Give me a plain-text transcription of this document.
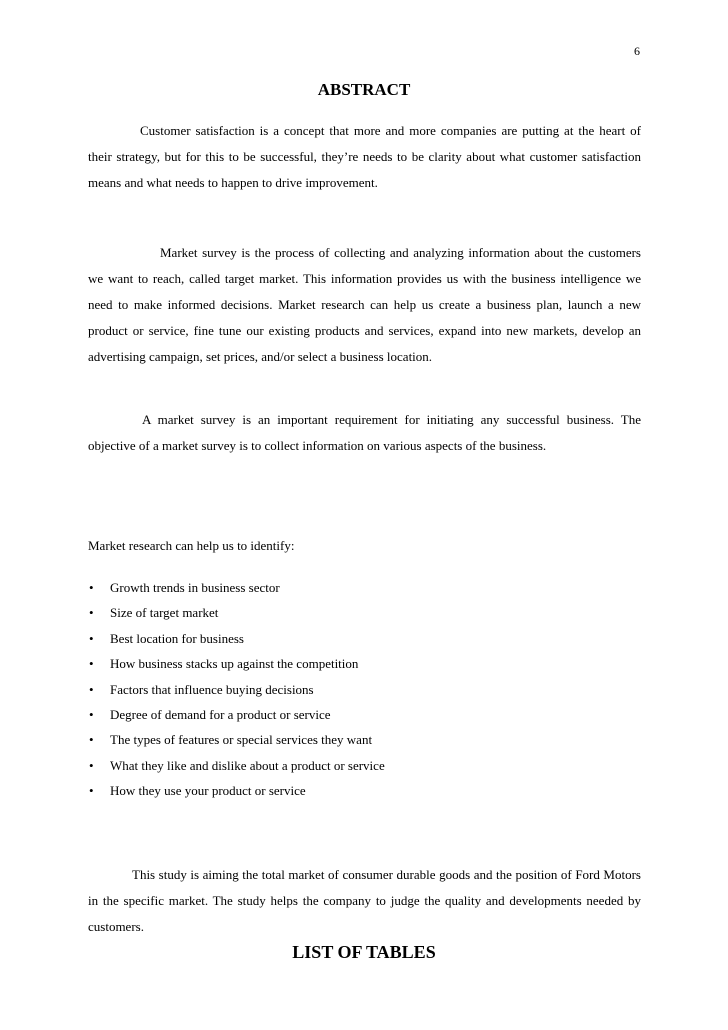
6
ABSTRACT

Customer satisfaction is a concept that more and more companies are putting at the heart of their strategy, but for this to be successful, they’re needs to be clarity about what customer satisfaction means and what needs to happen to drive improvement.

Market survey is the process of collecting and analyzing information about the customers we want to reach, called target market. This information provides us with the business intelligence we need to make informed decisions. Market research can help us create a business plan, launch a new product or service, fine tune our existing products and services, expand into new markets, develop an advertising campaign, set prices, and/or select a business location.

A market survey is an important requirement for initiating any successful business. The objective of a market survey is to collect information on various aspects of the business.

Market research can help us to identify:
• Growth trends in business sector
• Size of target market
• Best location for business
• How business stacks up against the competition
• Factors that influence buying decisions
• Degree of demand for a product or service
• The types of features or special services they want
• What they like and dislike about a product or service
• How they use your product or service

This study is aiming the total market of consumer durable goods and the position of Ford Motors in the specific market. The study helps the company to judge the quality and developments needed by customers.

LIST OF TABLES
